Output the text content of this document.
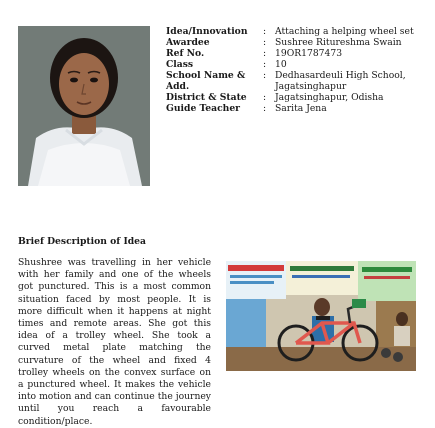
Idea/Innovation	: Attaching a helping wheel set
Awardee	: Sushree Ritureshma Swain
Ref No.	: 19OR1787473
Class	: 10
School Name & Add.
: Dedhasardeuli High School, Jagatsinghapur
District & State	: Jagatsinghapur, Odisha
Guide Teacher	: Sarita Jena
Brief Description of Idea
Shushree was travelling in her vehicle with her family and one of the wheels got punctured. This is a most common situation faced by most people. It is more difficult when it happens at night times and remote areas. She got this idea of a trolley wheel. She took a curved metal plate matching the curvature of the wheel and fixed 4 trolley wheels on the convex surface on a punctured wheel. It makes the vehicle into motion and can continue the journey until you reach a favourable condition/place.
